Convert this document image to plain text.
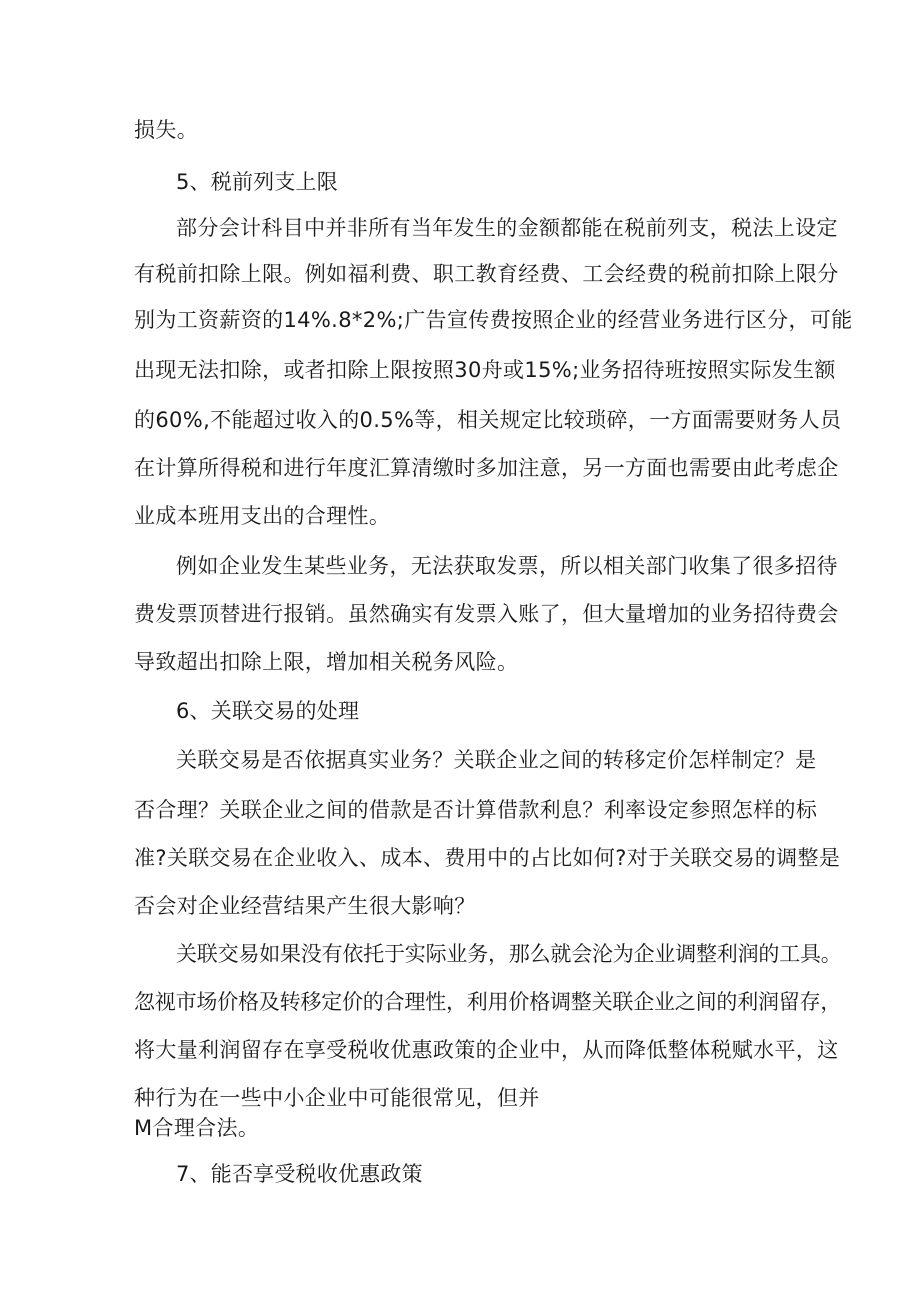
损失。

5、税前列支上限

部分会计科目中并非所有当年发生的金额都能在税前列支，税法上设定

有税前扣除上限。例如福利费、职工教育经费、工会经费的税前扣除上限分

别为工资薪资的14%.8*2%;广告宣传费按照企业的经营业务进行区分，可能

出现无法扣除，或者扣除上限按照30舟或15%;业务招待班按照实际发生额

的60%,不能超过收入的0.5%等，相关规定比较琐碎，一方面需要财务人员

在计算所得税和进行年度汇算清缴时多加注意，另一方面也需要由此考虑企

业成本班用支出的合理性。

例如企业发生某些业务，无法获取发票，所以相关部门收集了很多招待

费发票顶替进行报销。虽然确实有发票入账了，但大量增加的业务招待费会

导致超出扣除上限，增加相关税务风险。

6、关联交易的处理

关联交易是否依据真实业务？关联企业之间的转移定价怎样制定？是

否合理？关联企业之间的借款是否计算借款利息？利率设定参照怎样的标

准?关联交易在企业收入、成本、费用中的占比如何?对于关联交易的调整是

否会对企业经营结果产生很大影响？

关联交易如果没有依托于实际业务，那么就会沦为企业调整利润的工具。

忽视市场价格及转移定价的合理性，利用价格调整关联企业之间的利润留存，

将大量利润留存在享受税收优惠政策的企业中，从而降低整体税赋水平，这

种行为在一些中小企业中可能很常见，但并

M合理合法。

7、能否享受税收优惠政策
